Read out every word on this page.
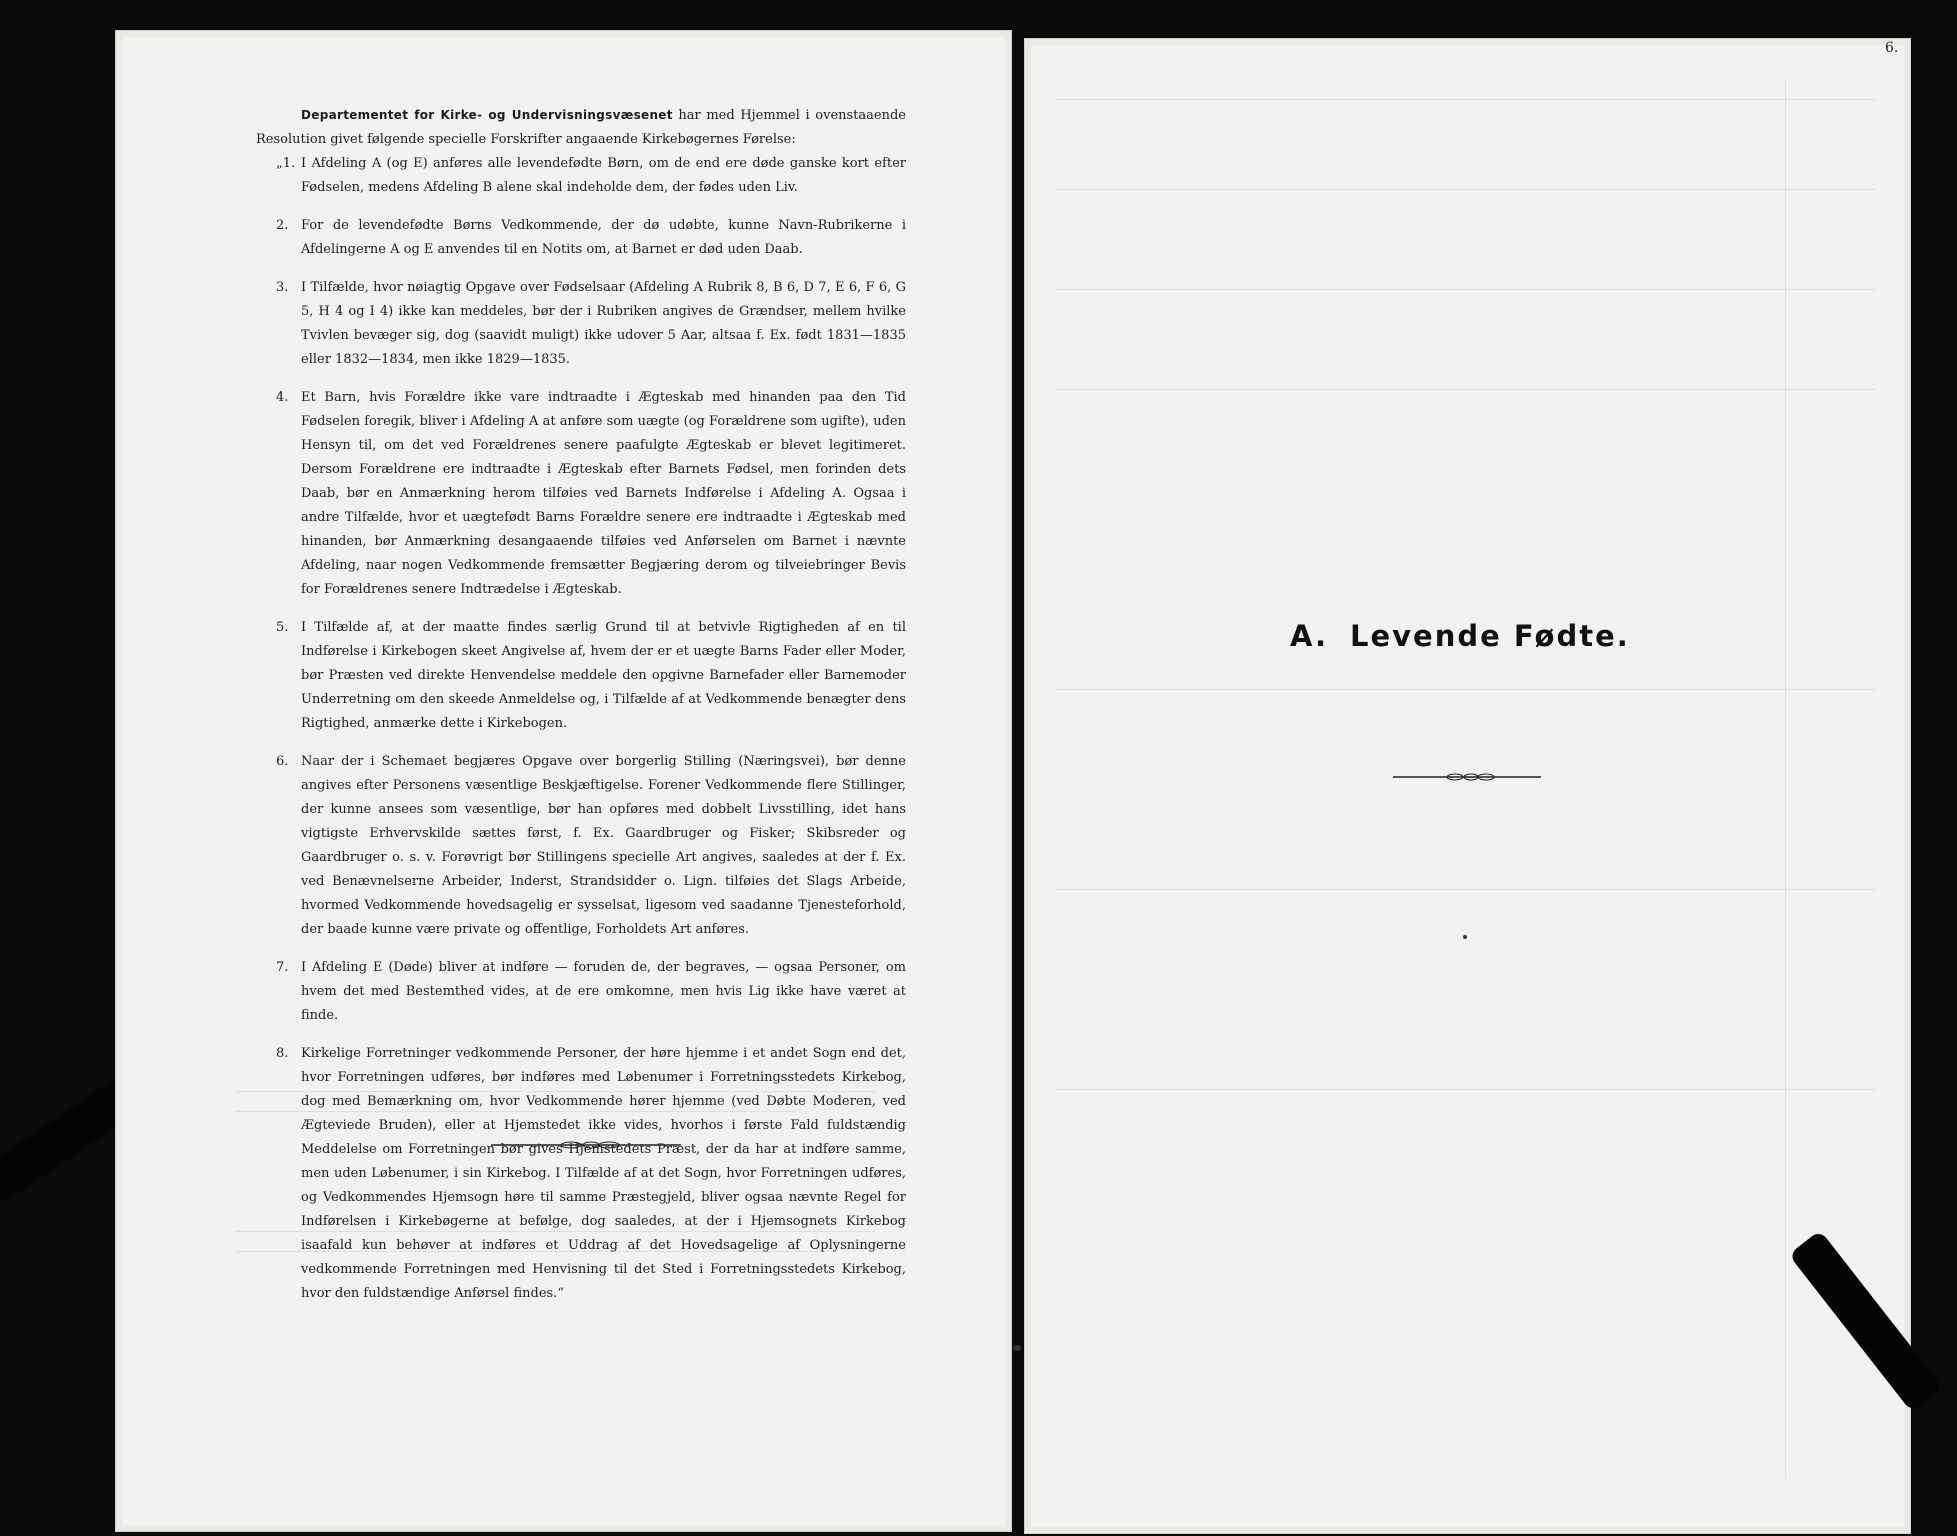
Departementet for Kirke- og Undervisningsvæsenet har med Hjemmel i ovenstaaende Resolution givet følgende specielle Forskrifter angaaende Kirkebøgernes Førelse:

„1. I Afdeling A (og E) anføres alle levendefødte Børn, om de end ere døde ganske kort efter Fødselen, medens Afdeling B alene skal indeholde dem, der fødes uden Liv.
2. For de levendefødte Børns Vedkommende, der dø udøbte, kunne Navn-Rubrikerne i Afdelingerne A og E anvendes til en Notits om, at Barnet er død uden Daab.
3. I Tilfælde, hvor nøiagtig Opgave over Fødselsaar (Afdeling A Rubrik 8, B 6, D 7, E 6, F 6, G 5, H 4 og I 4) ikke kan meddeles, bør der i Rubriken angives de Grændser, mellem hvilke Tvivlen bevæger sig, dog (saavidt muligt) ikke udover 5 Aar, altsaa f. Ex. født 1831—1835 eller 1832—1834, men ikke 1829—1835.
4. Et Barn, hvis Forældre ikke vare indtraadte i Ægteskab med hinanden paa den Tid Fødselen foregik, bliver i Afdeling A at anføre som uægte (og Forældrene som ugifte), uden Hensyn til, om det ved Forældrenes senere paafulgte Ægteskab er blevet legitimeret. Dersom Forældrene ere indtraadte i Ægteskab efter Barnets Fødsel, men forinden dets Daab, bør en Anmærkning herom tilføies ved Barnets Indførelse i Afdeling A. Ogsaa i andre Tilfælde, hvor et uægtefødt Barns Forældre senere ere indtraadte i Ægteskab med hinanden, bør Anmærkning desangaaende tilføies ved Anførselen om Barnet i nævnte Afdeling, naar nogen Vedkommende fremsætter Begjæring derom og tilveiebringer Bevis for Forældrenes senere Indtrædelse i Ægteskab.
5. I Tilfælde af, at der maatte findes særlig Grund til at betvivle Rigtigheden af en til Indførelse i Kirkebogen skeet Angivelse af, hvem der er et uægte Barns Fader eller Moder, bør Præsten ved direkte Henvendelse meddele den opgivne Barnefader eller Barnemoder Underretning om den skeede Anmeldelse og, i Tilfælde af at Vedkommende benægter dens Rigtighed, anmærke dette i Kirkebogen.
6. Naar der i Schemaet begjæres Opgave over borgerlig Stilling (Næringsvei), bør denne angives efter Personens væsentlige Beskjæftigelse. Forener Vedkommende flere Stillinger, der kunne ansees som væsentlige, bør han opføres med dobbelt Livsstilling, idet hans vigtigste Erhvervskilde sættes først, f. Ex. Gaardbruger og Fisker; Skibsreder og Gaardbruger o. s. v. Forøvrigt bør Stillingens specielle Art angives, saaledes at der f. Ex. ved Benævnelserne Arbeider, Inderst, Strandsidder o. Lign. tilføies det Slags Arbeide, hvormed Vedkommende hovedsagelig er sysselsat, ligesom ved saadanne Tjenesteforhold, der baade kunne være private og offentlige, Forholdets Art anføres.
7. I Afdeling E (Døde) bliver at indføre — foruden de, der begraves, — ogsaa Personer, om hvem det med Bestemthed vides, at de ere omkomne, men hvis Lig ikke have været at finde.
8. Kirkelige Forretninger vedkommende Personer, der høre hjemme i et andet Sogn end det, hvor Forretningen udføres, bør indføres med Løbenumer i Forretningsstedets Kirkebog, dog med Bemærkning om, hvor Vedkommende hører hjemme (ved Døbte Moderen, ved Ægteviede Bruden), eller at Hjemstedet ikke vides, hvorhos i første Fald fuldstændig Meddelelse om Forretningen bør gives Hjemstedets Præst, der da har at indføre samme, men uden Løbenumer, i sin Kirkebog. I Tilfælde af at det Sogn, hvor Forretningen udføres, og Vedkommendes Hjemsogn høre til samme Præstegjeld, bliver ogsaa nævnte Regel for Indførelsen i Kirkebøgerne at befølge, dog saaledes, at der i Hjemsognets Kirkebog isaafald kun behøver at indføres et Uddrag af det Hovedsagelige af Oplysningerne vedkommende Forretningen med Henvisning til det Sted i Forretningsstedets Kirkebog, hvor den fuldstændige Anførsel findes.“
A. Levende Fødte.
6.
